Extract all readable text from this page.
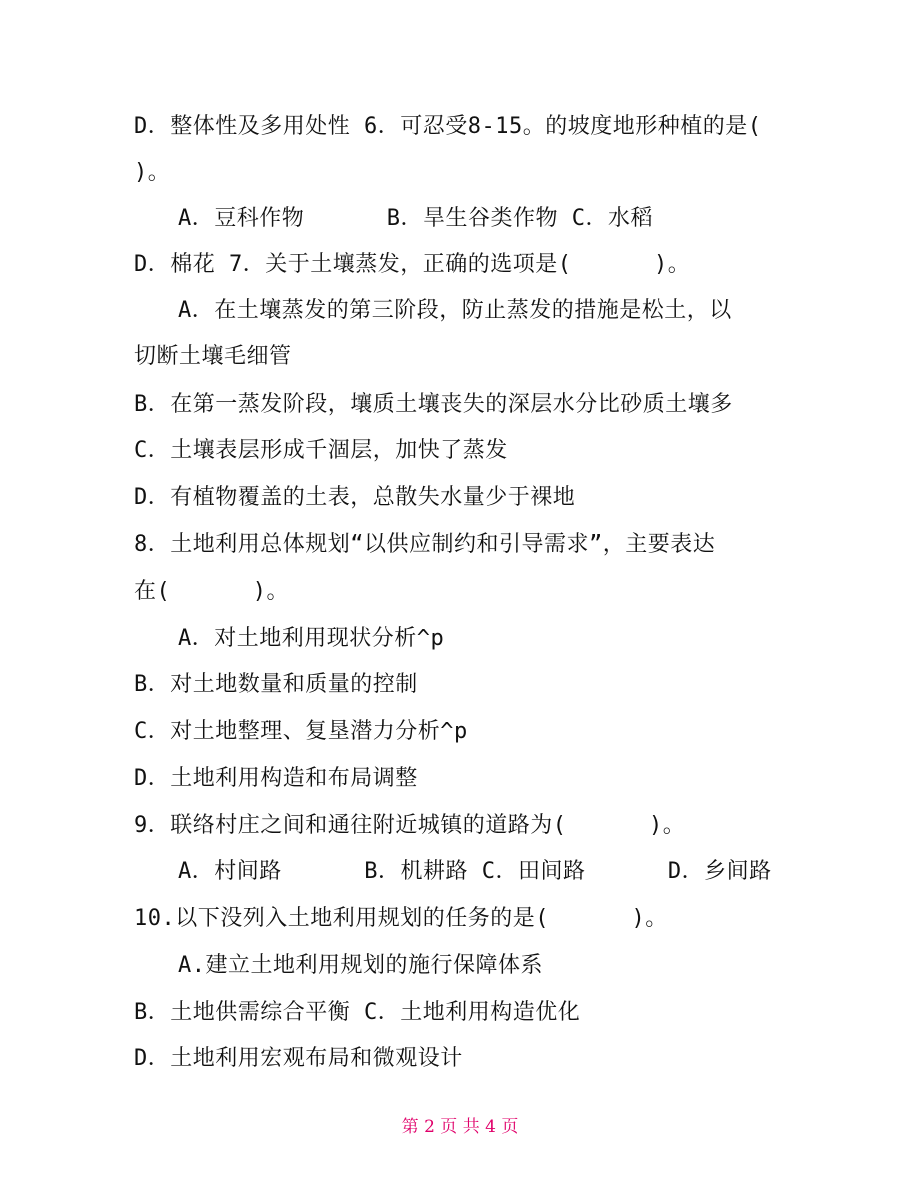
D．整体性及多用处性 6．可忍受8-15。的坡度地形种植的是(
)。
A．豆科作物      B．旱生谷类作物 C．水稻
D．棉花 7．关于土壤蒸发，正确的选项是(      )。
A．在土壤蒸发的第三阶段，防止蒸发的措施是松土，以
切断土壤毛细管
B．在第一蒸发阶段，壤质土壤丧失的深层水分比砂质土壤多
C．土壤表层形成千涸层，加快了蒸发
D．有植物覆盖的土表，总散失水量少于裸地
8．土地利用总体规划“以供应制约和引导需求”，主要表达
在(      )。
A．对土地利用现状分析^p
B．对土地数量和质量的控制
C．对土地整理、复垦潜力分析^p
D．土地利用构造和布局调整
9．联络村庄之间和通往附近城镇的道路为(      )。
A．村间路      B．机耕路 C．田间路      D．乡间路
10.以下没列入土地利用规划的任务的是(      )。
A.建立土地利用规划的施行保障体系
B．土地供需综合平衡 C．土地利用构造优化
D．土地利用宏观布局和微观设计
第 2 页 共 4 页
